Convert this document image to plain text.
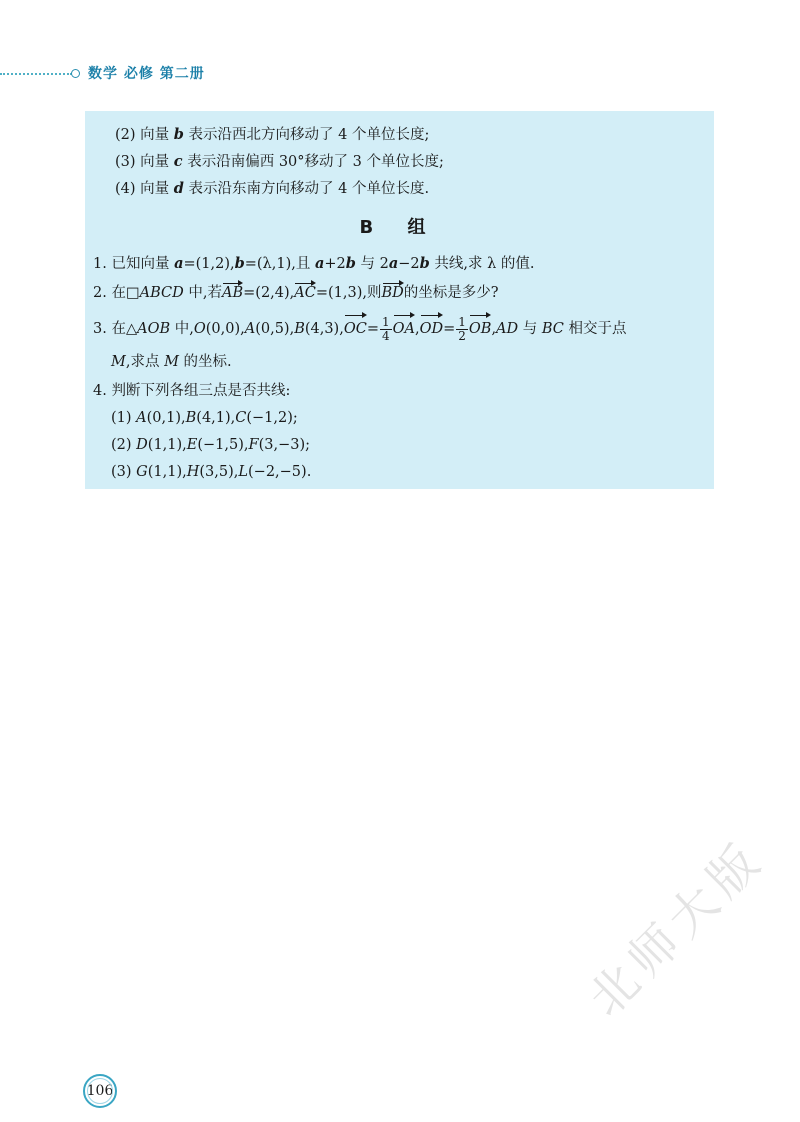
数学 必修 第二册
(2) 向量 b 表示沿西北方向移动了 4 个单位长度;
(3) 向量 c 表示沿南偏西 30°移动了 3 个单位长度;
(4) 向量 d 表示沿东南方向移动了 4 个单位长度.
B 组
1. 已知向量 a=(1,2),b=(λ,1),且 a+2b 与 2a−2b 共线,求 λ 的值.
2. 在□ABCD 中,若AB=(2,4),AC=(1,3),则BD的坐标是多少?
3. 在△AOB 中$,O(0,0),A(0,5),B(4,3),OC= \frac{1}{4} OA,OD= \frac{1}{2} OB,AD$ 与 BC 相交于点
M,求点 M 的坐标.
4. 判断下列各组三点是否共线:
(1) A(0,1),B(4,1),C(−1,2);
(2) D(1,1),E(−1,5),F(3,−3);
(3) G(1,1),H(3,5),L(−2,−5).
106
北师大版
